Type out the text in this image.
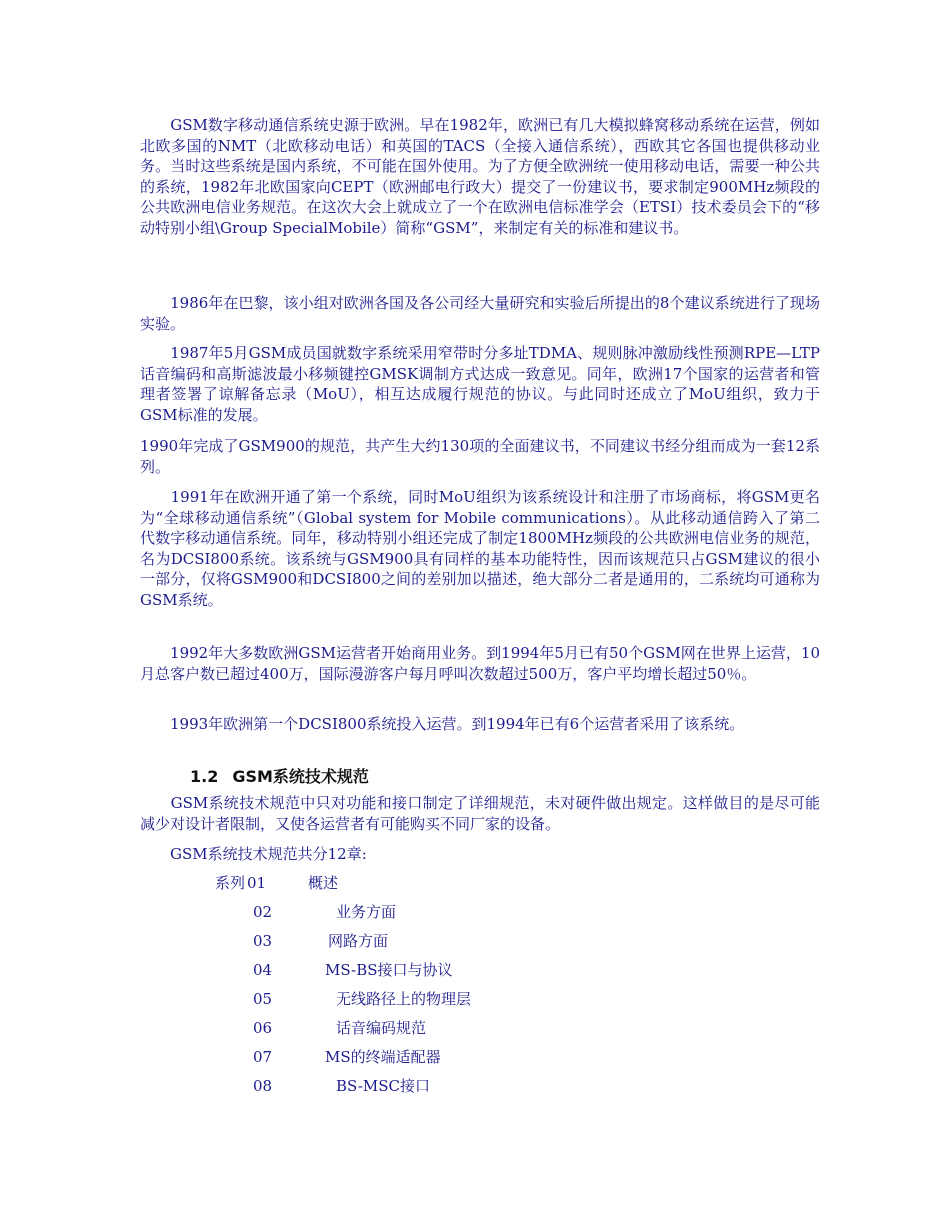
　　GSM数字移动通信系统史源于欧洲。早在1982年，欧洲已有几大模拟蜂窝移动系统在运营，例如北欧多国的NMT（北欧移动电话）和英国的TACS（全接入通信系统），西欧其它各国也提供移动业务。当时这些系统是国内系统，不可能在国外使用。为了方便全欧洲统一使用移动电话，需要一种公共的系统，1982年北欧国家向CEPT（欧洲邮电行政大）提交了一份建议书，要求制定900MHz频段的公共欧洲电信业务规范。在这次大会上就成立了一个在欧洲电信标准学会（ETSI）技术委员会下的“移动特别小组\Group SpecialMobile）简称“GSM”，来制定有关的标准和建议书。

　　1986年在巴黎，该小组对欧洲各国及各公司经大量研究和实验后所提出的8个建议系统进行了现场实验。

　　1987年5月GSM成员国就数字系统采用窄带时分多址TDMA、规则脉冲激励线性预测RPE—LTP话音编码和高斯滤波最小移频键控GMSK调制方式达成一致意见。同年，欧洲17个国家的运营者和管理者签署了谅解备忘录（MoU），相互达成履行规范的协议。与此同时还成立了MoU组织，致力于GSM标准的发展。

1990年完成了GSM900的规范，共产生大约130项的全面建议书，不同建议书经分组而成为一套12系列。

　　1991年在欧洲开通了第一个系统，同时MoU组织为该系统设计和注册了市场商标，将GSM更名为“全球移动通信系统”（Global system for Mobile communications）。从此移动通信跨入了第二代数字移动通信系统。同年，移动特别小组还完成了制定1800MHz频段的公共欧洲电信业务的规范，名为DCSI800系统。该系统与GSM900具有同样的基本功能特性，因而该规范只占GSM建议的很小一部分，仅将GSM900和DCSI800之间的差别加以描述，绝大部分二者是通用的，二系统均可通称为GSM系统。

　　1992年大多数欧洲GSM运营者开始商用业务。到1994年5月已有50个GSM网在世界上运营，10月总客户数已超过400万，国际漫游客户每月呼叫次数超过500万，客户平均增长超过50％。

　　1993年欧洲第一个DCSI800系统投入运营。到1994年已有6个运营者采用了该系统。

1.2 GSM系统技术规范

　　GSM系统技术规范中只对功能和接口制定了详细规范，未对硬件做出规定。这样做目的是尽可能减少对设计者限制，又使各运营者有可能购买不同厂家的设备。

　　GSM系统技术规范共分12章:

系列 01	概述
02	业务方面
03	网路方面
04	MS-BS接口与协议
05	无线路径上的物理层
06	话音编码规范
07	MS的终端适配器
08	BS-MSC接口
